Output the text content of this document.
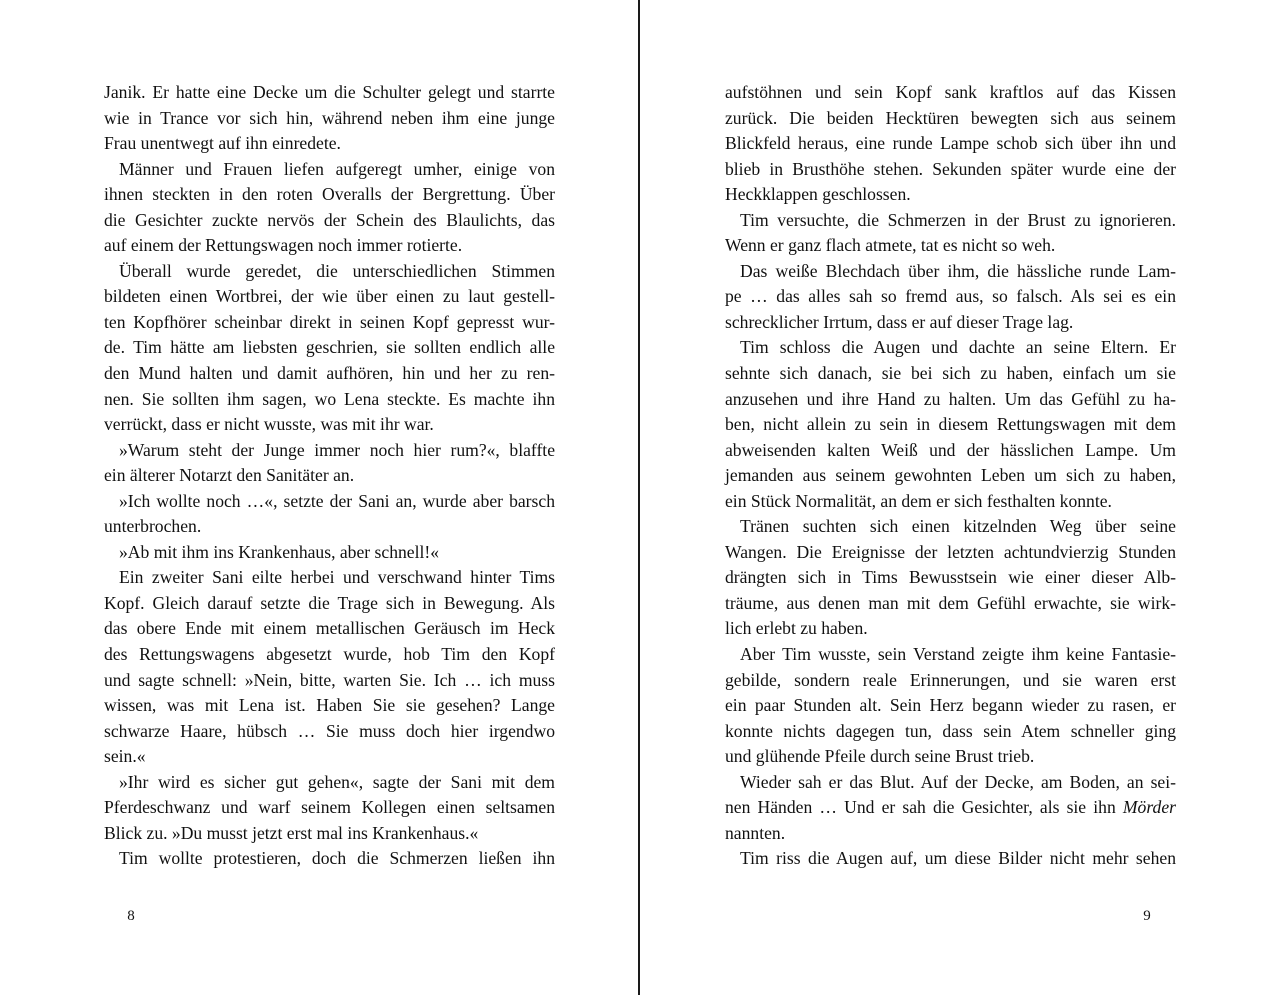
Janik. Er hatte eine Decke um die Schulter gelegt und starrte
wie in Trance vor sich hin, während neben ihm eine junge
Frau unentwegt auf ihn einredete.
Männer und Frauen liefen aufgeregt umher, einige von
ihnen steckten in den roten Overalls der Bergrettung. Über
die Gesichter zuckte nervös der Schein des Blaulichts, das
auf einem der Rettungswagen noch immer rotierte.
Überall wurde geredet, die unterschiedlichen Stimmen
bildeten einen Wortbrei, der wie über einen zu laut gestell-
ten Kopfhörer scheinbar direkt in seinen Kopf gepresst wur-
de. Tim hätte am liebsten geschrien, sie sollten endlich alle
den Mund halten und damit aufhören, hin und her zu ren-
nen. Sie sollten ihm sagen, wo Lena steckte. Es machte ihn
verrückt, dass er nicht wusste, was mit ihr war.
»Warum steht der Junge immer noch hier rum?«, blaffte
ein älterer Notarzt den Sanitäter an.
»Ich wollte noch …«, setzte der Sani an, wurde aber barsch
unterbrochen.
»Ab mit ihm ins Krankenhaus, aber schnell!«
Ein zweiter Sani eilte herbei und verschwand hinter Tims
Kopf. Gleich darauf setzte die Trage sich in Bewegung. Als
das obere Ende mit einem metallischen Geräusch im Heck
des Rettungswagens abgesetzt wurde, hob Tim den Kopf
und sagte schnell: »Nein, bitte, warten Sie. Ich … ich muss
wissen, was mit Lena ist. Haben Sie sie gesehen? Lange
schwarze Haare, hübsch … Sie muss doch hier irgendwo
sein.«
»Ihr wird es sicher gut gehen«, sagte der Sani mit dem
Pferdeschwanz und warf seinem Kollegen einen seltsamen
Blick zu. »Du musst jetzt erst mal ins Krankenhaus.«
Tim wollte protestieren, doch die Schmerzen ließen ihn
aufstöhnen und sein Kopf sank kraftlos auf das Kissen
zurück. Die beiden Hecktüren bewegten sich aus seinem
Blickfeld heraus, eine runde Lampe schob sich über ihn und
blieb in Brusthöhe stehen. Sekunden später wurde eine der
Heckklappen geschlossen.
Tim versuchte, die Schmerzen in der Brust zu ignorieren.
Wenn er ganz flach atmete, tat es nicht so weh.
Das weiße Blechdach über ihm, die hässliche runde Lam-
pe … das alles sah so fremd aus, so falsch. Als sei es ein
schrecklicher Irrtum, dass er auf dieser Trage lag.
Tim schloss die Augen und dachte an seine Eltern. Er
sehnte sich danach, sie bei sich zu haben, einfach um sie
anzusehen und ihre Hand zu halten. Um das Gefühl zu ha-
ben, nicht allein zu sein in diesem Rettungswagen mit dem
abweisenden kalten Weiß und der hässlichen Lampe. Um
jemanden aus seinem gewohnten Leben um sich zu haben,
ein Stück Normalität, an dem er sich festhalten konnte.
Tränen suchten sich einen kitzelnden Weg über seine
Wangen. Die Ereignisse der letzten achtundvierzig Stunden
drängten sich in Tims Bewusstsein wie einer dieser Alb-
träume, aus denen man mit dem Gefühl erwachte, sie wirk-
lich erlebt zu haben.
Aber Tim wusste, sein Verstand zeigte ihm keine Fantasie-
gebilde, sondern reale Erinnerungen, und sie waren erst
ein paar Stunden alt. Sein Herz begann wieder zu rasen, er
konnte nichts dagegen tun, dass sein Atem schneller ging
und glühende Pfeile durch seine Brust trieb.
Wieder sah er das Blut. Auf der Decke, am Boden, an sei-
nen Händen … Und er sah die Gesichter, als sie ihn Mörder
nannten.
Tim riss die Augen auf, um diese Bilder nicht mehr sehen
8	9
